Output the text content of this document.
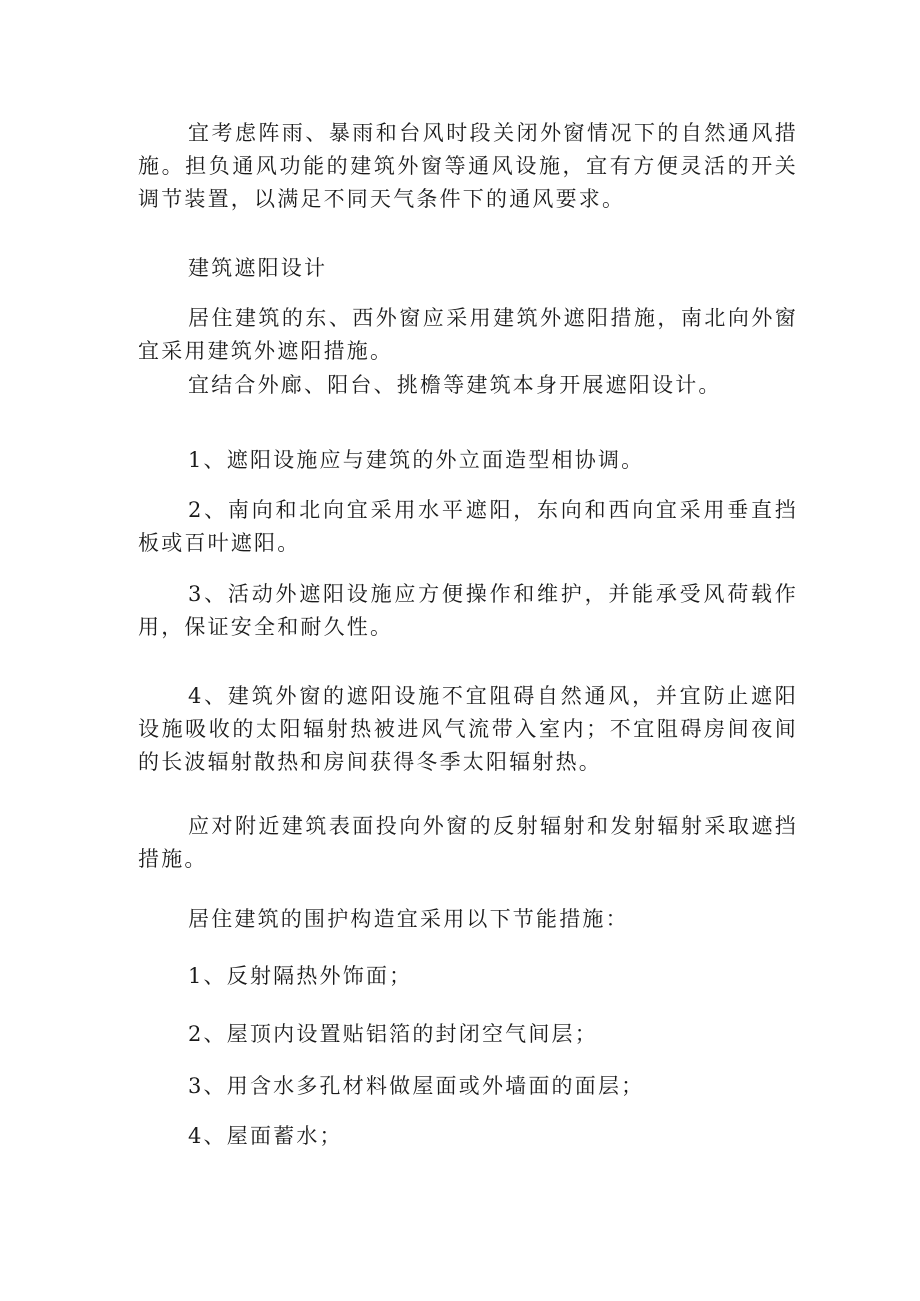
宜考虑阵雨、暴雨和台风时段关闭外窗情况下的自然通风措施。担负通风功能的建筑外窗等通风设施，宜有方便灵活的开关调节装置，以满足不同天气条件下的通风要求。

建筑遮阳设计

居住建筑的东、西外窗应采用建筑外遮阳措施，南北向外窗宜采用建筑外遮阳措施。

宜结合外廊、阳台、挑檐等建筑本身开展遮阳设计。

1、遮阳设施应与建筑的外立面造型相协调。

2、南向和北向宜采用水平遮阳，东向和西向宜采用垂直挡板或百叶遮阳。

3、活动外遮阳设施应方便操作和维护，并能承受风荷载作用，保证安全和耐久性。

4、建筑外窗的遮阳设施不宜阻碍自然通风，并宜防止遮阳设施吸收的太阳辐射热被进风气流带入室内；不宜阻碍房间夜间的长波辐射散热和房间获得冬季太阳辐射热。

应对附近建筑表面投向外窗的反射辐射和发射辐射采取遮挡措施。

居住建筑的围护构造宜采用以下节能措施：

1、反射隔热外饰面；

2、屋顶内设置贴铝箔的封闭空气间层；

3、用含水多孔材料做屋面或外墙面的面层；

4、屋面蓄水；
